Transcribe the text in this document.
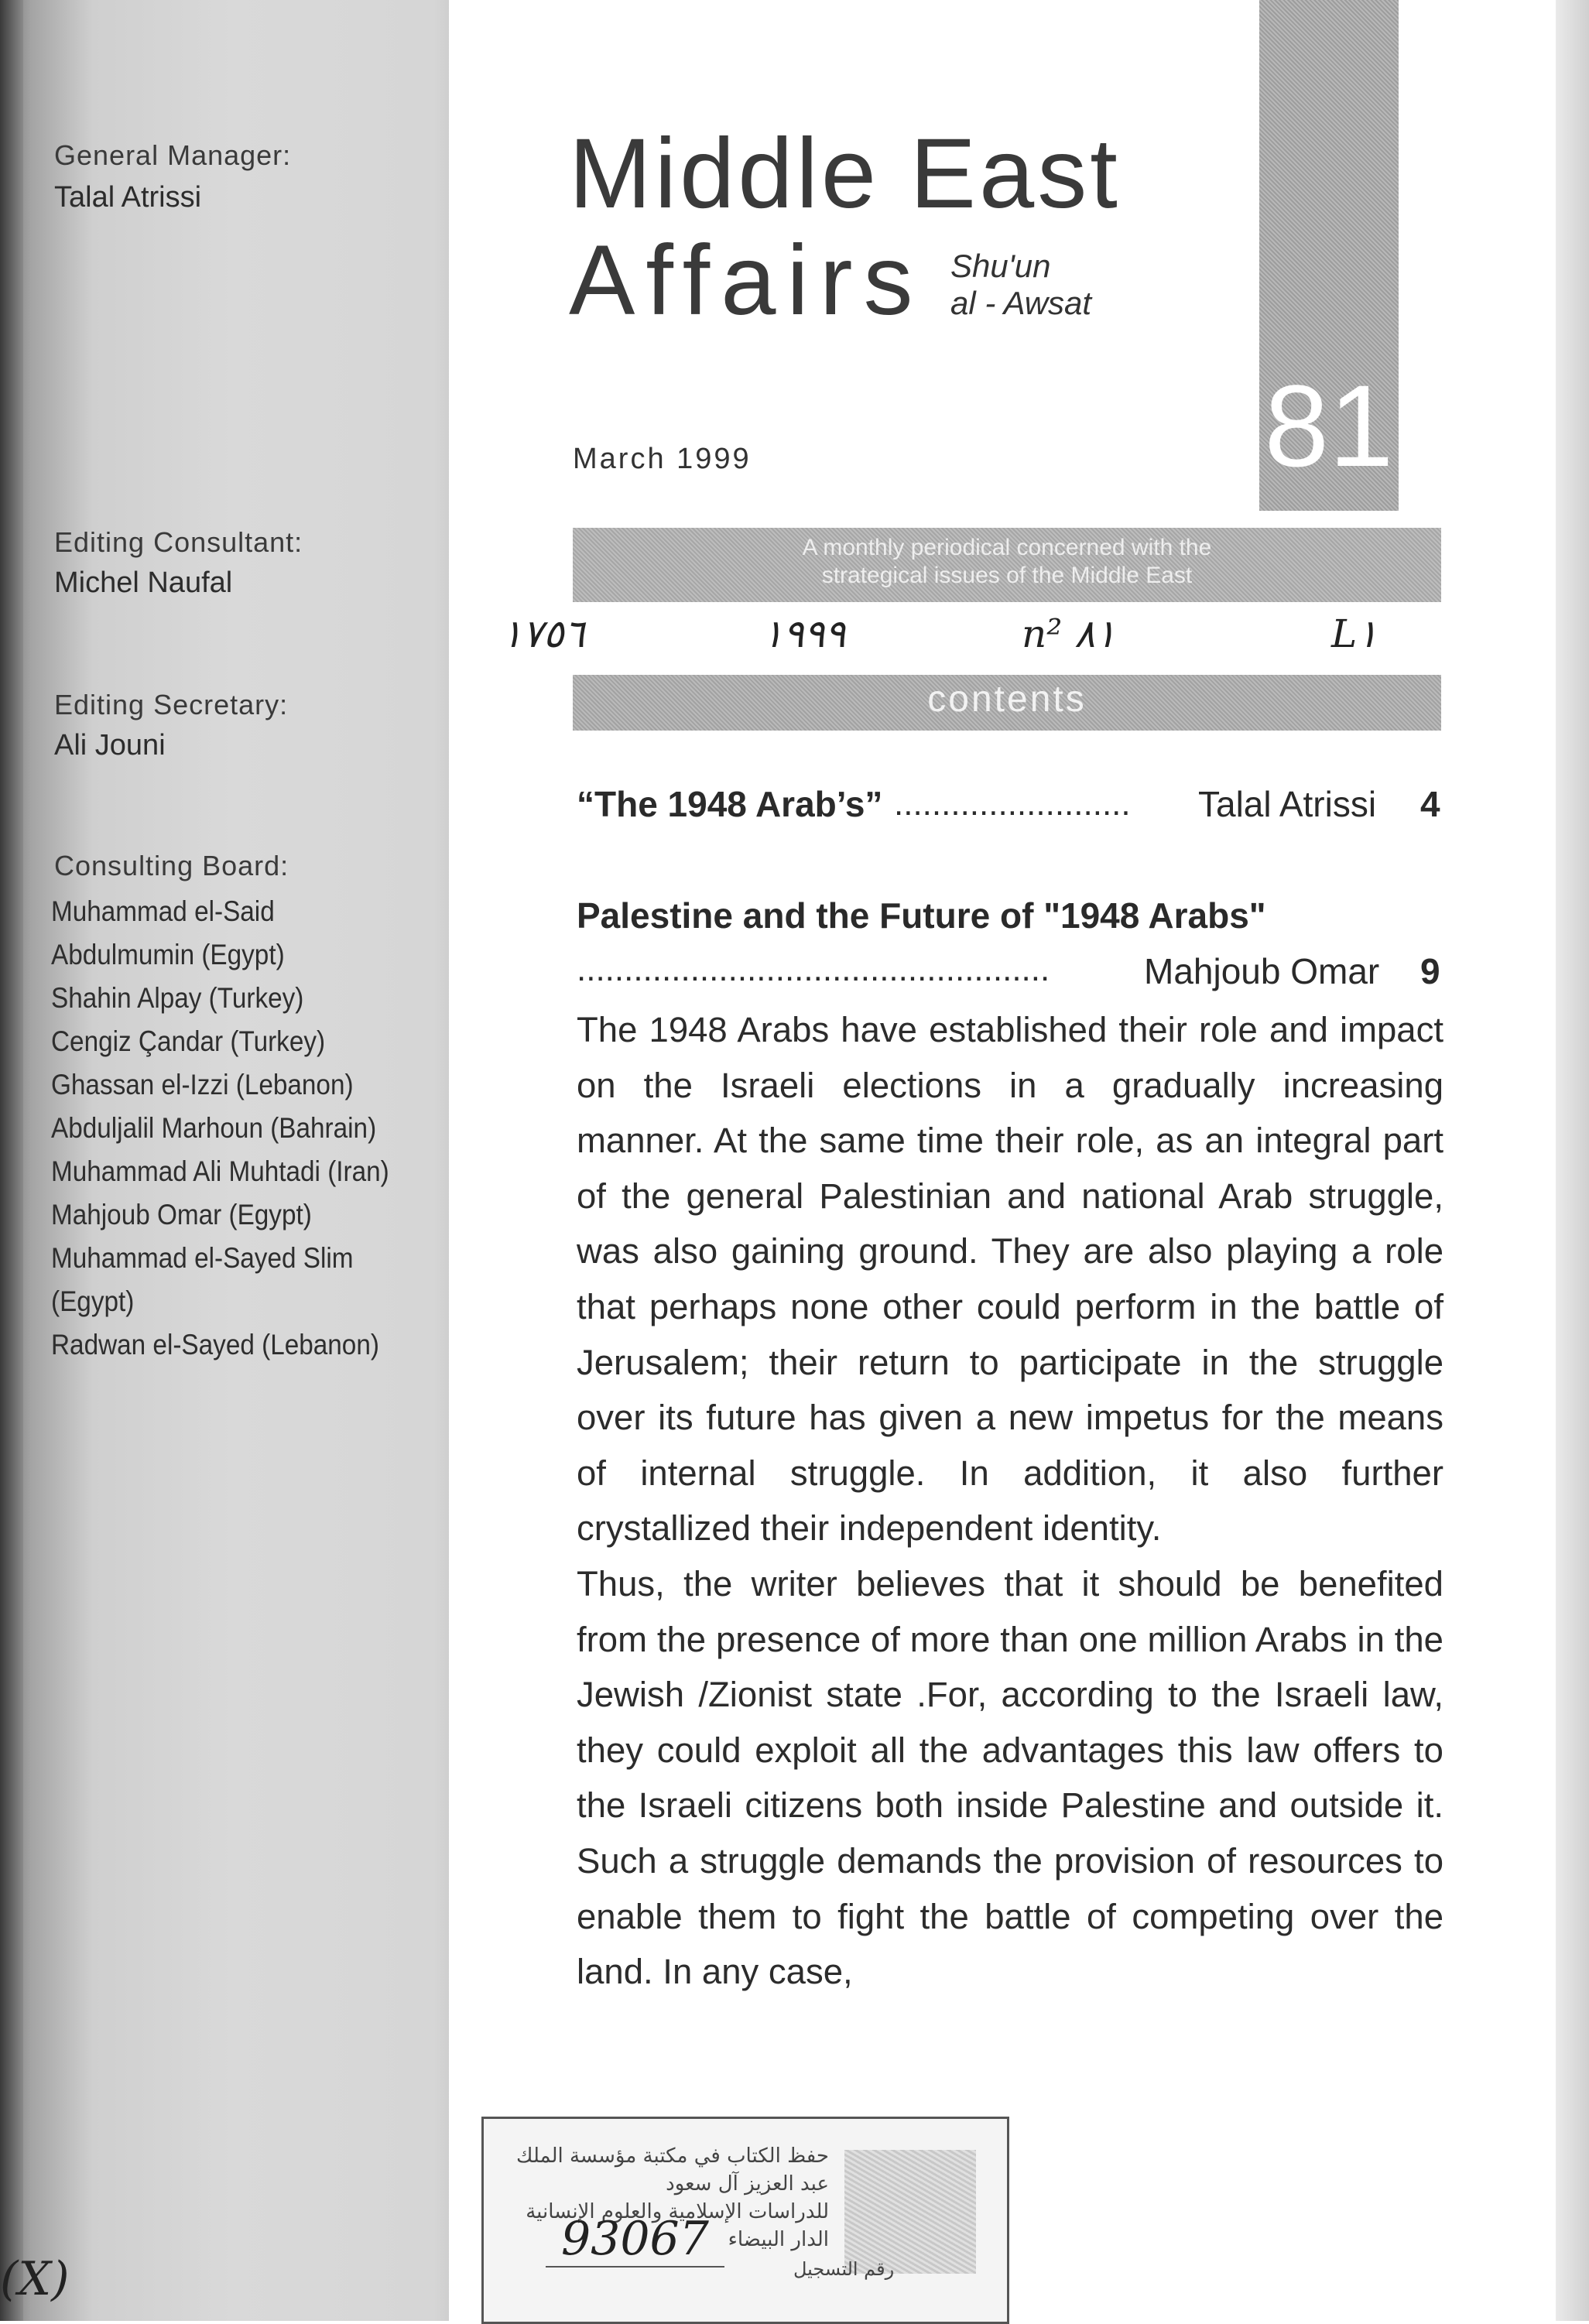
General Manager:
Talal Atrissi
Editing Consultant:
Michel Naufal
Editing Secretary:
Ali Jouni
Consulting Board:
Muhammad el-Said
Abdulmumin (Egypt)
Shahin Alpay (Turkey)
Cengiz Çandar (Turkey)
Ghassan el-Izzi (Lebanon)
Abduljalil Marhoun (Bahrain)
Muhammad Ali Muhtadi (Iran)
Mahjoub Omar (Egypt)
Muhammad el-Sayed Slim
(Egypt)
Radwan el-Sayed (Lebanon)
81
Middle East
Affairs Shu'un
al - Awsat
March 1999
A monthly periodical concerned with the
strategical issues of the Middle East
١٧٥٦	١٩٩٩	n² ٨١	L١
contents
“The 1948 Arab’s” ......................... Talal Atrissi 4
Palestine and the Future of "1948 Arabs"
..................................................	Mahjoub Omar 9

The 1948 Arabs have established their role and impact on the Israeli elections in a gradually increasing manner. At the same time their role, as an integral part of the general Palestinian and national Arab struggle, was also gaining ground. They are also playing a role that perhaps none other could perform in the battle of Jerusalem; their return to participate in the struggle over its future has given a new impetus for the means of internal struggle. In addition, it also further crystallized their independent identity.

Thus, the writer believes that it should be benefited from the presence of more than one million Arabs in the Jewish /Zionist state .For, according to the Israeli law, they could exploit all the advantages this law offers to the Israeli citizens both inside Palestine and outside it. Such a struggle demands the provision of resources to enable them to fight the battle of competing over the land. In any case,

حفظ الكتاب في مكتبة مؤسسة الملك عبد العزيز آل سعود
للدراسات الإسلامية والعلوم الإنسانية
الدار البيضاء
93067
رقم التسجيل
(X)
